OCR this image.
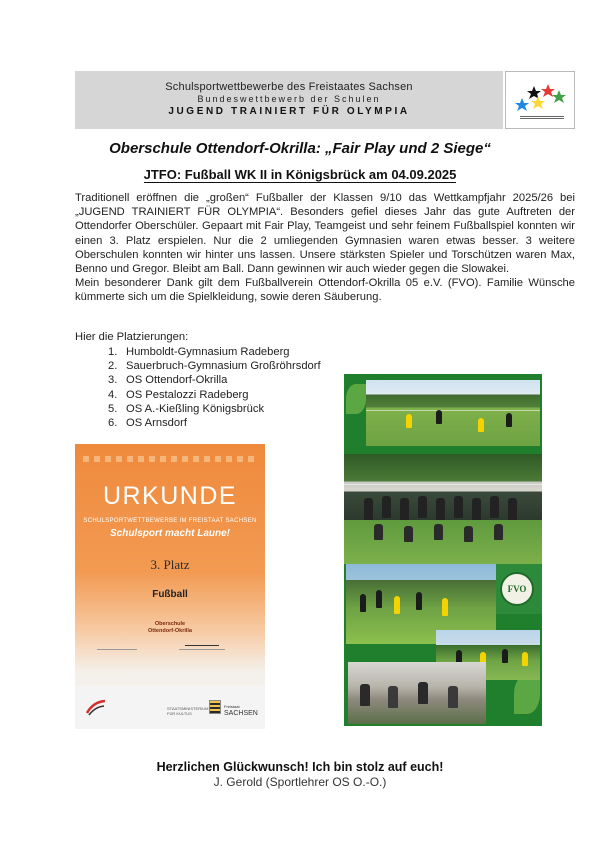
Schulsportwettbewerbe des Freistaates Sachsen
Bundeswettbewerb der Schulen
JUGEND TRAINIERT FÜR OLYMPIA
Oberschule Ottendorf-Okrilla: „Fair Play und 2 Siege“
JTFO: Fußball WK II in Königsbrück am 04.09.2025

Traditionell eröffnen die „großen“ Fußballer der Klassen 9/10 das Wettkampfjahr 2025/26 bei „JUGEND TRAINIERT FÜR OLYMPIA“. Besonders gefiel dieses Jahr das gute Auftreten der Ottendorfer Oberschüler. Gepaart mit Fair Play, Teamgeist und sehr feinem Fußballspiel konnten wir einen 3. Platz erspielen. Nur die 2 umliegenden Gymnasien waren etwas besser. 3 weitere Oberschulen konnten wir hinter uns lassen. Unsere stärksten Spieler und Torschützen waren Max, Benno und Gregor. Bleibt am Ball. Dann gewinnen wir auch wieder gegen die Slowakei.

Mein besonderer Dank gilt dem Fußballverein Ottendorf-Okrilla 05 e.V. (FVO). Familie Wünsche kümmerte sich um die Spielkleidung, sowie deren Säuberung.

Hier die Platzierungen:
1. Humboldt-Gymnasium Radeberg
2. Sauerbruch-Gymnasium Großröhrsdorf
3. OS Ottendorf-Okrilla
4. OS Pestalozzi Radeberg
5. OS A.-Kießling Königsbrück
6. OS Arnsdorf
URKUNDE
SCHULSPORTWETTBEWERBE IM FREISTAAT SACHSEN
Schulsport macht Laune!
3. Platz
Fußball
Oberschule
Ottendorf-Okrilla
STAATSMINISTERIUM FÜR KULTUS
Freistaat
SACHSEN
FVO
Herzlichen Glückwunsch! Ich bin stolz auf euch!
J. Gerold (Sportlehrer OS O.-O.)
